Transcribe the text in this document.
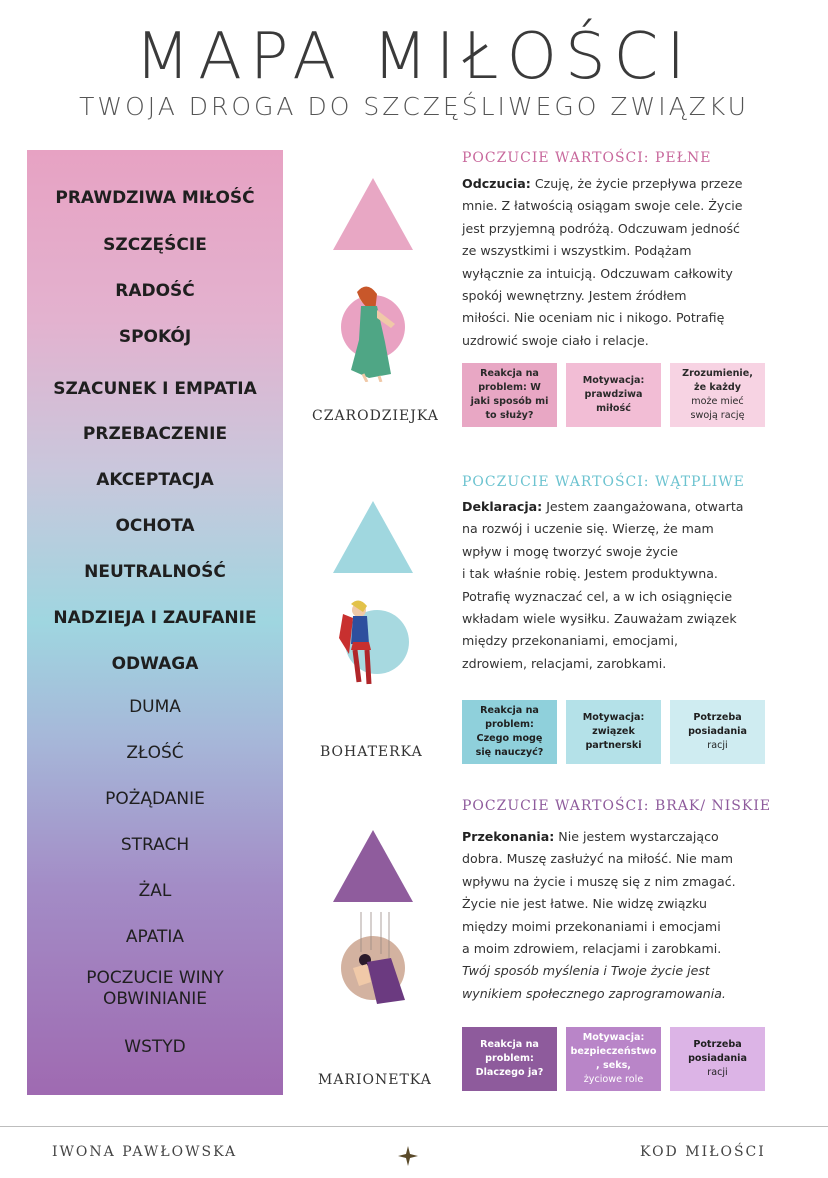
MAPA MIŁOŚCI
TWOJA DROGA DO SZCZĘŚLIWEGO ZWIĄZKU
PRAWDZIWA MIŁOŚĆ
SZCZĘŚCIE
RADOŚĆ
SPOKÓJ
SZACUNEK I EMPATIA
PRZEBACZENIE
AKCEPTACJA
OCHOTA
NEUTRALNOŚĆ
NADZIEJA I ZAUFANIE
ODWAGA
DUMA
ZŁOŚĆ
POŻĄDANIE
STRACH
ŻAL
APATIA
POCZUCIE WINY
OBWINIANIE
WSTYD
CZARODZIEJKA
POCZUCIE WARTOŚCI: PEŁNE
Odczucia: Czuję, że życie przepływa przeze
mnie. Z łatwością osiągam swoje cele. Życie
jest przyjemną podróżą. Odczuwam jedność
ze wszystkimi i wszystkim. Podążam
wyłącznie za intuicją. Odczuwam całkowity
spokój wewnętrzny. Jestem źródłem
miłości. Nie oceniam nic i nikogo. Potrafię
uzdrowić swoje ciało i relacje.
Reakcja na
problem: W
jaki sposób mi
to służy?
Motywacja:
prawdziwa
miłość
Zrozumienie,
że każdy
może mieć
swoją rację
BOHATERKA
POCZUCIE WARTOŚCI: WĄTPLIWE
Deklaracja: Jestem zaangażowana, otwarta
na rozwój i uczenie się. Wierzę, że mam
wpływ i mogę tworzyć swoje życie
i tak właśnie robię. Jestem produktywna.
Potrafię wyznaczać cel, a w ich osiągnięcie
wkładam wiele wysiłku. Zauważam związek
między przekonaniami, emocjami,
zdrowiem, relacjami, zarobkami.
Reakcja na
problem:
Czego mogę
się nauczyć?
Motywacja:
związek
partnerski
Potrzeba
posiadania
racji
MARIONETKA
POCZUCIE WARTOŚCI: BRAK/ NISKIE
Przekonania: Nie jestem wystarczająco
dobra. Muszę zasłużyć na miłość. Nie mam
wpływu na życie i muszę się z nim zmagać.
Życie nie jest łatwe. Nie widzę związku
między moimi przekonaniami i emocjami
a moim zdrowiem, relacjami i zarobkami.
Twój sposób myślenia i Twoje życie jest
wynikiem społecznego zaprogramowania.
Reakcja na
problem:
Dlaczego ja?
Motywacja:
bezpieczeństwo
, seks,
życiowe role
Potrzeba
posiadania
racji
IWONA PAWŁOWSKA	KOD MIŁOŚCI
